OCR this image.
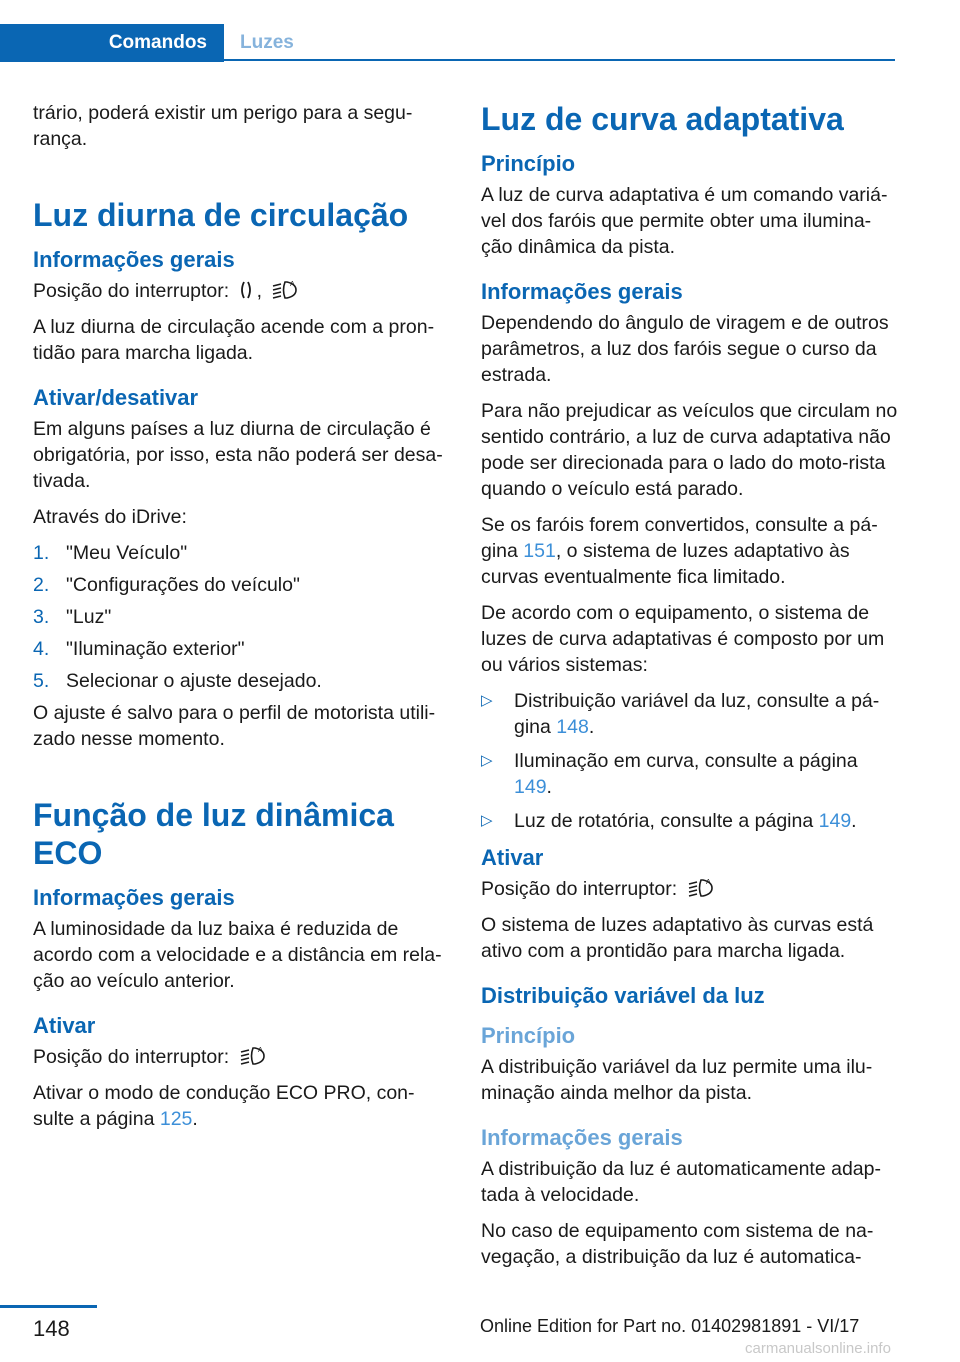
Comandos	Luzes

trário, poderá existir um perigo para a segu-rança.

Luz diurna de circulação
Informações gerais

Posição do interruptor: ,	A

A luz diurna de circulação acende com a pron-tidão para marcha ligada.

Ativar/desativar

Em alguns países a luz diurna de circulação é obrigatória, por isso, esta não poderá ser desa-tivada.

Através do iDrive:

1. "Meu Veículo"
2. "Configurações do veículo"
3. "Luz"
4. "Iluminação exterior"
5. Selecionar o ajuste desejado.

O ajuste é salvo para o perfil de motorista utili-zado nesse momento.

Função de luz dinâmica ECO
Informações gerais

A luminosidade da luz baixa é reduzida de acordo com a velocidade e a distância em rela-ção ao veículo anterior.

Ativar

Posição do interruptor:	A

Ativar o modo de condução ECO PRO, con-sulte a página 125.

Luz de curva adaptativa
Princípio

A luz de curva adaptativa é um comando variá-vel dos faróis que permite obter uma ilumina-ção dinâmica da pista.

Informações gerais

Dependendo do ângulo de viragem e de outros parâmetros, a luz dos faróis segue o curso da estrada.

Para não prejudicar as veículos que circulam no sentido contrário, a luz de curva adaptativa não pode ser direcionada para o lado do moto-rista quando o veículo está parado.

Se os faróis forem convertidos, consulte a pá-gina 151, o sistema de luzes adaptativo às curvas eventualmente fica limitado.

De acordo com o equipamento, o sistema de luzes de curva adaptativas é composto por um ou vários sistemas:

▷	Distribuição variável da luz, consulte a pá-gina 148.
▷	Iluminação em curva, consulte a página 149.
▷	Luz de rotatória, consulte a página 149.
Ativar

Posição do interruptor:	A

O sistema de luzes adaptativo às curvas está ativo com a prontidão para marcha ligada.

Distribuição variável da luz
Princípio

A distribuição variável da luz permite uma ilu-minação ainda melhor da pista.

Informações gerais

A distribuição da luz é automaticamente adap-tada à velocidade.

No caso de equipamento com sistema de na-vegação, a distribuição da luz é automatica-

148	Online Edition for Part no. 01402981891 - VI/17
carmanualsonline.info
